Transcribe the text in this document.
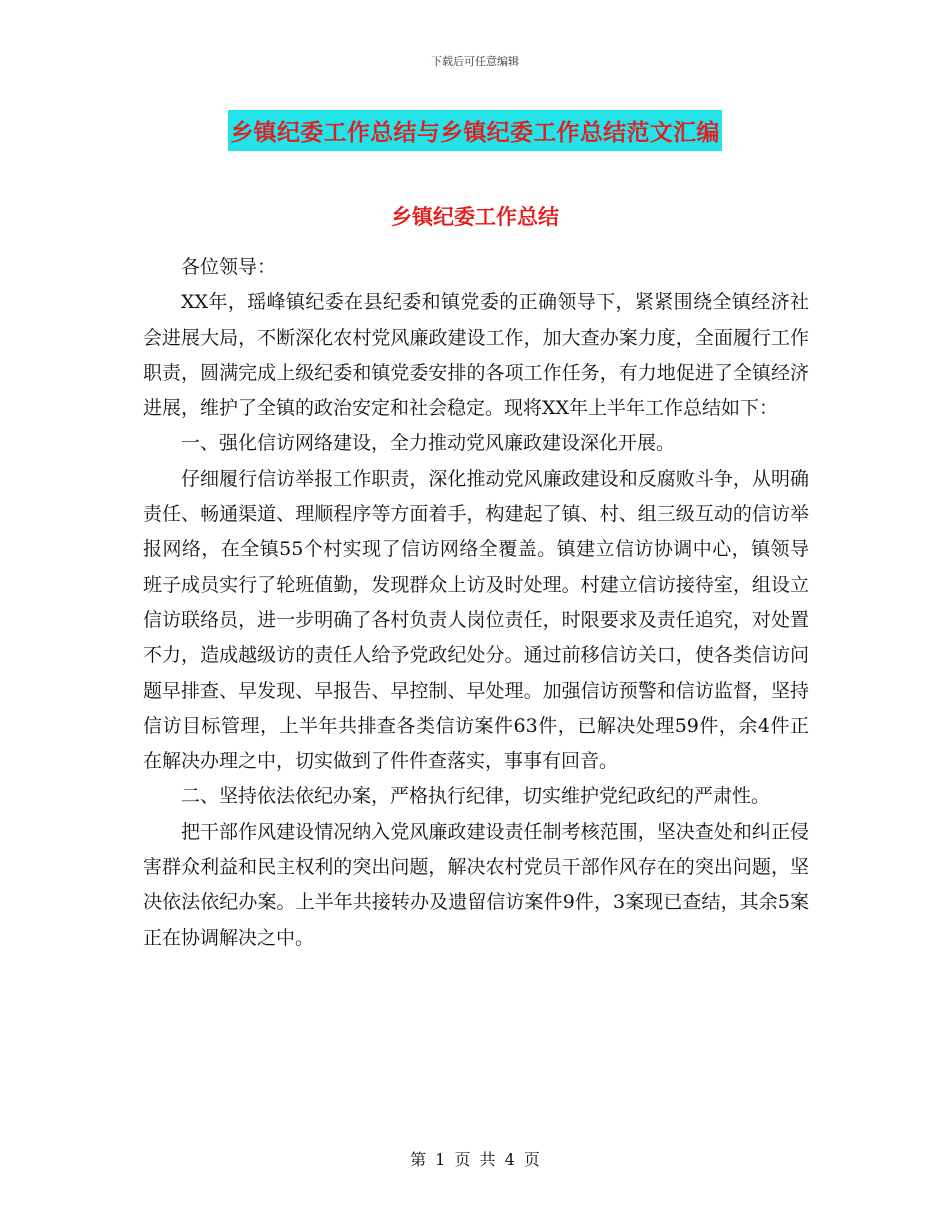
下载后可任意编辑
乡镇纪委工作总结与乡镇纪委工作总结范文汇编
乡镇纪委工作总结

各位领导：

XX年，瑶峰镇纪委在县纪委和镇党委的正确领导下，紧紧围绕全镇经济社会进展大局，不断深化农村党风廉政建设工作，加大查办案力度，全面履行工作职责，圆满完成上级纪委和镇党委安排的各项工作任务，有力地促进了全镇经济进展，维护了全镇的政治安定和社会稳定。现将XX年上半年工作总结如下：

一、强化信访网络建设，全力推动党风廉政建设深化开展。

仔细履行信访举报工作职责，深化推动党风廉政建设和反腐败斗争，从明确责任、畅通渠道、理顺程序等方面着手，构建起了镇、村、组三级互动的信访举报网络，在全镇55个村实现了信访网络全覆盖。镇建立信访协调中心，镇领导班子成员实行了轮班值勤，发现群众上访及时处理。村建立信访接待室，组设立信访联络员，进一步明确了各村负责人岗位责任，时限要求及责任追究，对处置不力，造成越级访的责任人给予党政纪处分。通过前移信访关口，使各类信访问题早排查、早发现、早报告、早控制、早处理。加强信访预警和信访监督，坚持信访目标管理，上半年共排查各类信访案件63件，已解决处理59件，余4件正在解决办理之中，切实做到了件件查落实，事事有回音。

二、坚持依法依纪办案，严格执行纪律，切实维护党纪政纪的严肃性。

把干部作风建设情况纳入党风廉政建设责任制考核范围，坚决查处和纠正侵害群众利益和民主权利的突出问题，解决农村党员干部作风存在的突出问题，坚决依法依纪办案。上半年共接转办及遗留信访案件9件，3案现已查结，其余5案正在协调解决之中。

第 1 页 共 4 页
